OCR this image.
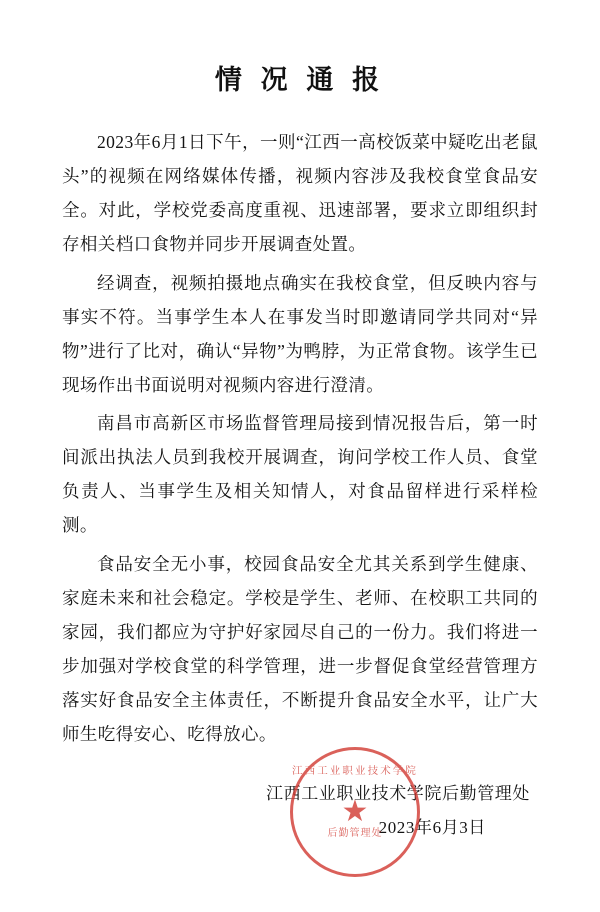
情 况 通 报

2023年6月1日下午，一则“江西一高校饭菜中疑吃出老鼠头”的视频在网络媒体传播，视频内容涉及我校食堂食品安全。对此，学校党委高度重视、迅速部署，要求立即组织封存相关档口食物并同步开展调查处置。

经调查，视频拍摄地点确实在我校食堂，但反映内容与事实不符。当事学生本人在事发当时即邀请同学共同对“异物”进行了比对，确认“异物”为鸭脖，为正常食物。该学生已现场作出书面说明对视频内容进行澄清。

南昌市高新区市场监督管理局接到情况报告后，第一时间派出执法人员到我校开展调查，询问学校工作人员、食堂负责人、当事学生及相关知情人，对食品留样进行采样检测。

食品安全无小事，校园食品安全尤其关系到学生健康、家庭未来和社会稳定。学校是学生、老师、在校职工共同的家园，我们都应为守护好家园尽自己的一份力。我们将进一步加强对学校食堂的科学管理，进一步督促食堂经营管理方落实好食品安全主体责任，不断提升食品安全水平，让广大师生吃得安心、吃得放心。

江西工业职业技术学院后勤管理处
2023年6月3日
江西工业职业技术学院
★
后勤管理处
